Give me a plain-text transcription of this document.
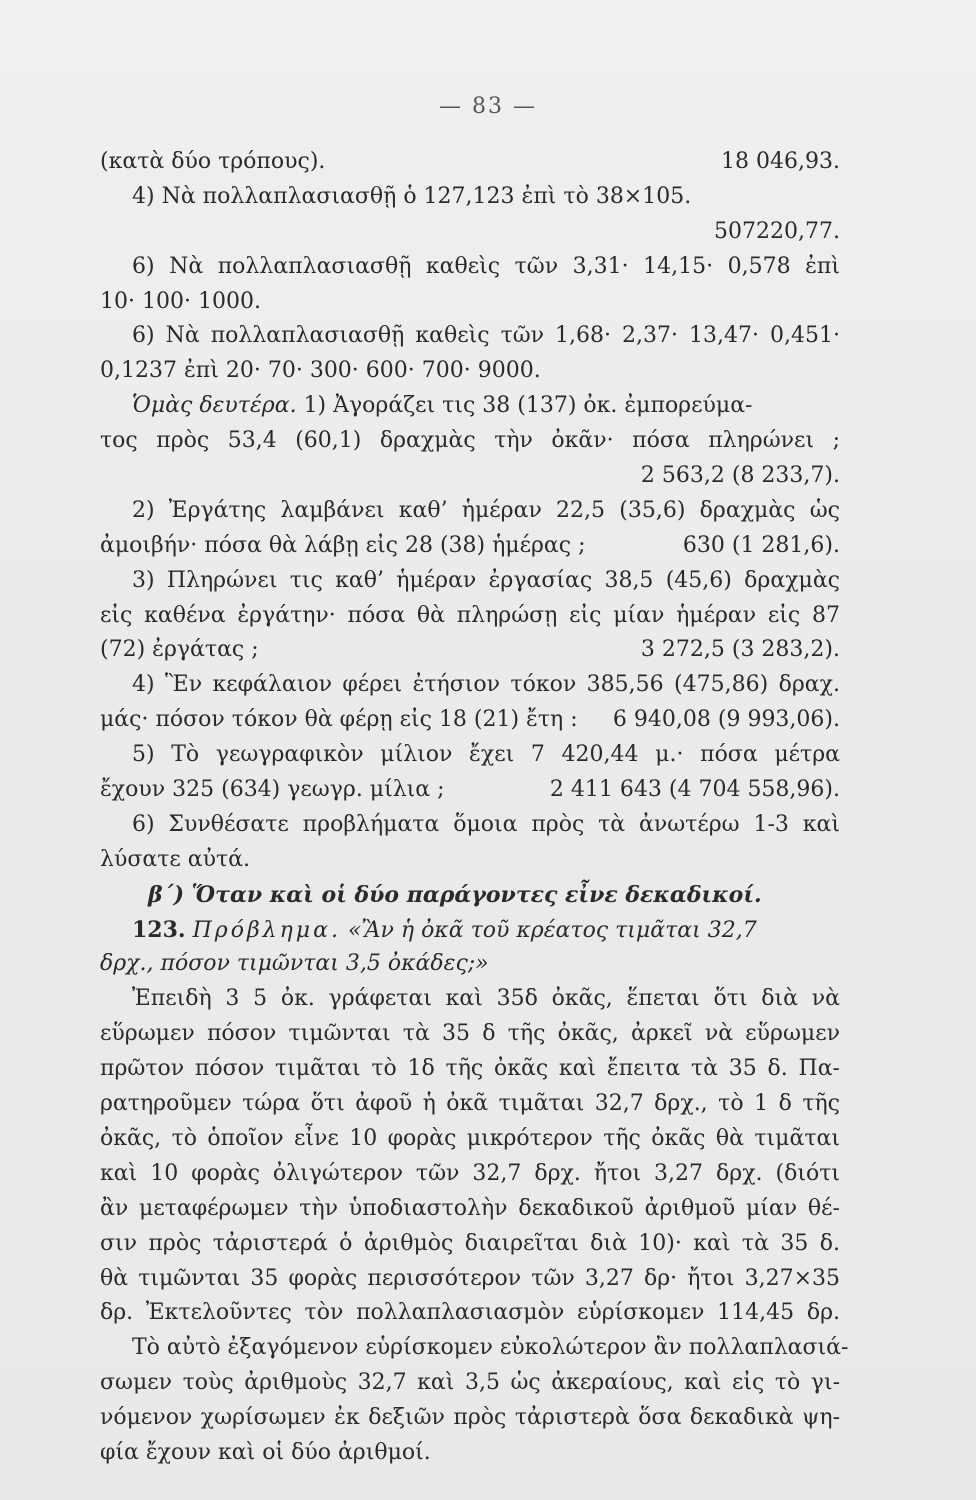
— 83 —
(κατὰ δύο τρόπους).	18 046,93.
4) Νὰ πολλαπλασιασθῇ ὁ 127,123 ἐπὶ τὸ 38×105.
507220,77.
6) Νὰ πολλαπλασιασθῇ καθεὶς τῶν 3,31· 14,15· 0,578 ἐπὶ
10· 100· 1000.
6) Νὰ πολλαπλασιασθῇ καθεὶς τῶν 1,68· 2,37· 13,47· 0,451·
0,1237 ἐπὶ 20· 70· 300· 600· 700· 9000.
Ὁμὰς δευτέρα. 1) Ἀγοράζει τις 38 (137) ὀκ. ἐμπορεύμα-
τος πρὸς 53,4 (60,1) δραχμὰς τὴν ὀκᾶν· πόσα πληρώνει ;
2 563,2 (8 233,7).
2) Ἐργάτης λαμβάνει καθ’ ἡμέραν 22,5 (35,6) δραχμὰς ὡς
ἀμοιβήν· πόσα θὰ λάβῃ εἰς 28 (38) ἡμέρας ;	630 (1 281,6).
3) Πληρώνει τις καθ’ ἡμέραν ἐργασίας 38,5 (45,6) δραχμὰς
εἰς καθένα ἐργάτην· πόσα θὰ πληρώσῃ εἰς μίαν ἡμέραν εἰς 87
(72) ἐργάτας ;	3 272,5 (3 283,2).
4) Ἓν κεφάλαιον φέρει ἐτήσιον τόκον 385,56 (475,86) δραχ.
μάς· πόσον τόκον θὰ φέρῃ εἰς 18 (21) ἔτη : 6 940,08 (9 993,06).
5) Τὸ γεωγραφικὸν μίλιον ἔχει 7 420,44 μ.· πόσα μέτρα
ἔχουν 325 (634) γεωγρ. μίλια ;	2 411 643 (4 704 558,96).
6) Συνθέσατε προβλήματα ὅμοια πρὸς τὰ ἀνωτέρω 1-3 καὶ
λύσατε αὐτά.
β΄) Ὅταν καὶ οἱ δύο παράγοντες εἶνε δεκαδικοί.
123. Πρόβλημα. «Ἂν ἡ ὀκᾶ τοῦ κρέατος τιμᾶται 32,7
δρχ., πόσον τιμῶνται 3,5 ὀκάδες;»
Ἐπειδὴ 3 5 ὀκ. γράφεται καὶ 35δ ὀκᾶς, ἕπεται ὅτι διὰ νὰ
εὕρωμεν πόσον τιμῶνται τὰ 35 δ τῆς ὀκᾶς, ἀρκεῖ νὰ εὕρωμεν
πρῶτον πόσον τιμᾶται τὸ 1δ τῆς ὀκᾶς καὶ ἔπειτα τὰ 35 δ. Πα-
ρατηροῦμεν τώρα ὅτι ἀφοῦ ἡ ὀκᾶ τιμᾶται 32,7 δρχ., τὸ 1 δ τῆς
ὀκᾶς, τὸ ὁποῖον εἶνε 10 φορὰς μικρότερον τῆς ὀκᾶς θὰ τιμᾶται
καὶ 10 φορὰς ὀλιγώτερον τῶν 32,7 δρχ. ἤτοι 3,27 δρχ. (διότι
ἂν μεταφέρωμεν τὴν ὑποδιαστολὴν δεκαδικοῦ ἀριθμοῦ μίαν θέ-
σιν πρὸς τἀριστερά ὁ ἀριθμὸς διαιρεῖται διὰ 10)· καὶ τὰ 35 δ.
θὰ τιμῶνται 35 φορὰς περισσότερον τῶν 3,27 δρ· ἤτοι 3,27×35
δρ. Ἐκτελοῦντες τὸν πολλαπλασιασμὸν εὑρίσκομεν 114,45 δρ.
Τὸ αὐτὸ ἐξαγόμενον εὑρίσκομεν εὐκολώτερον ἂν πολλαπλασιά-
σωμεν τοὺς ἀριθμοὺς 32,7 καὶ 3,5 ὡς ἀκεραίους, καὶ εἰς τὸ γι-
νόμενον χωρίσωμεν ἐκ δεξιῶν πρὸς τἀριστερὰ ὅσα δεκαδικὰ ψη-
φία ἔχουν καὶ οἱ δύο ἀριθμοί.
